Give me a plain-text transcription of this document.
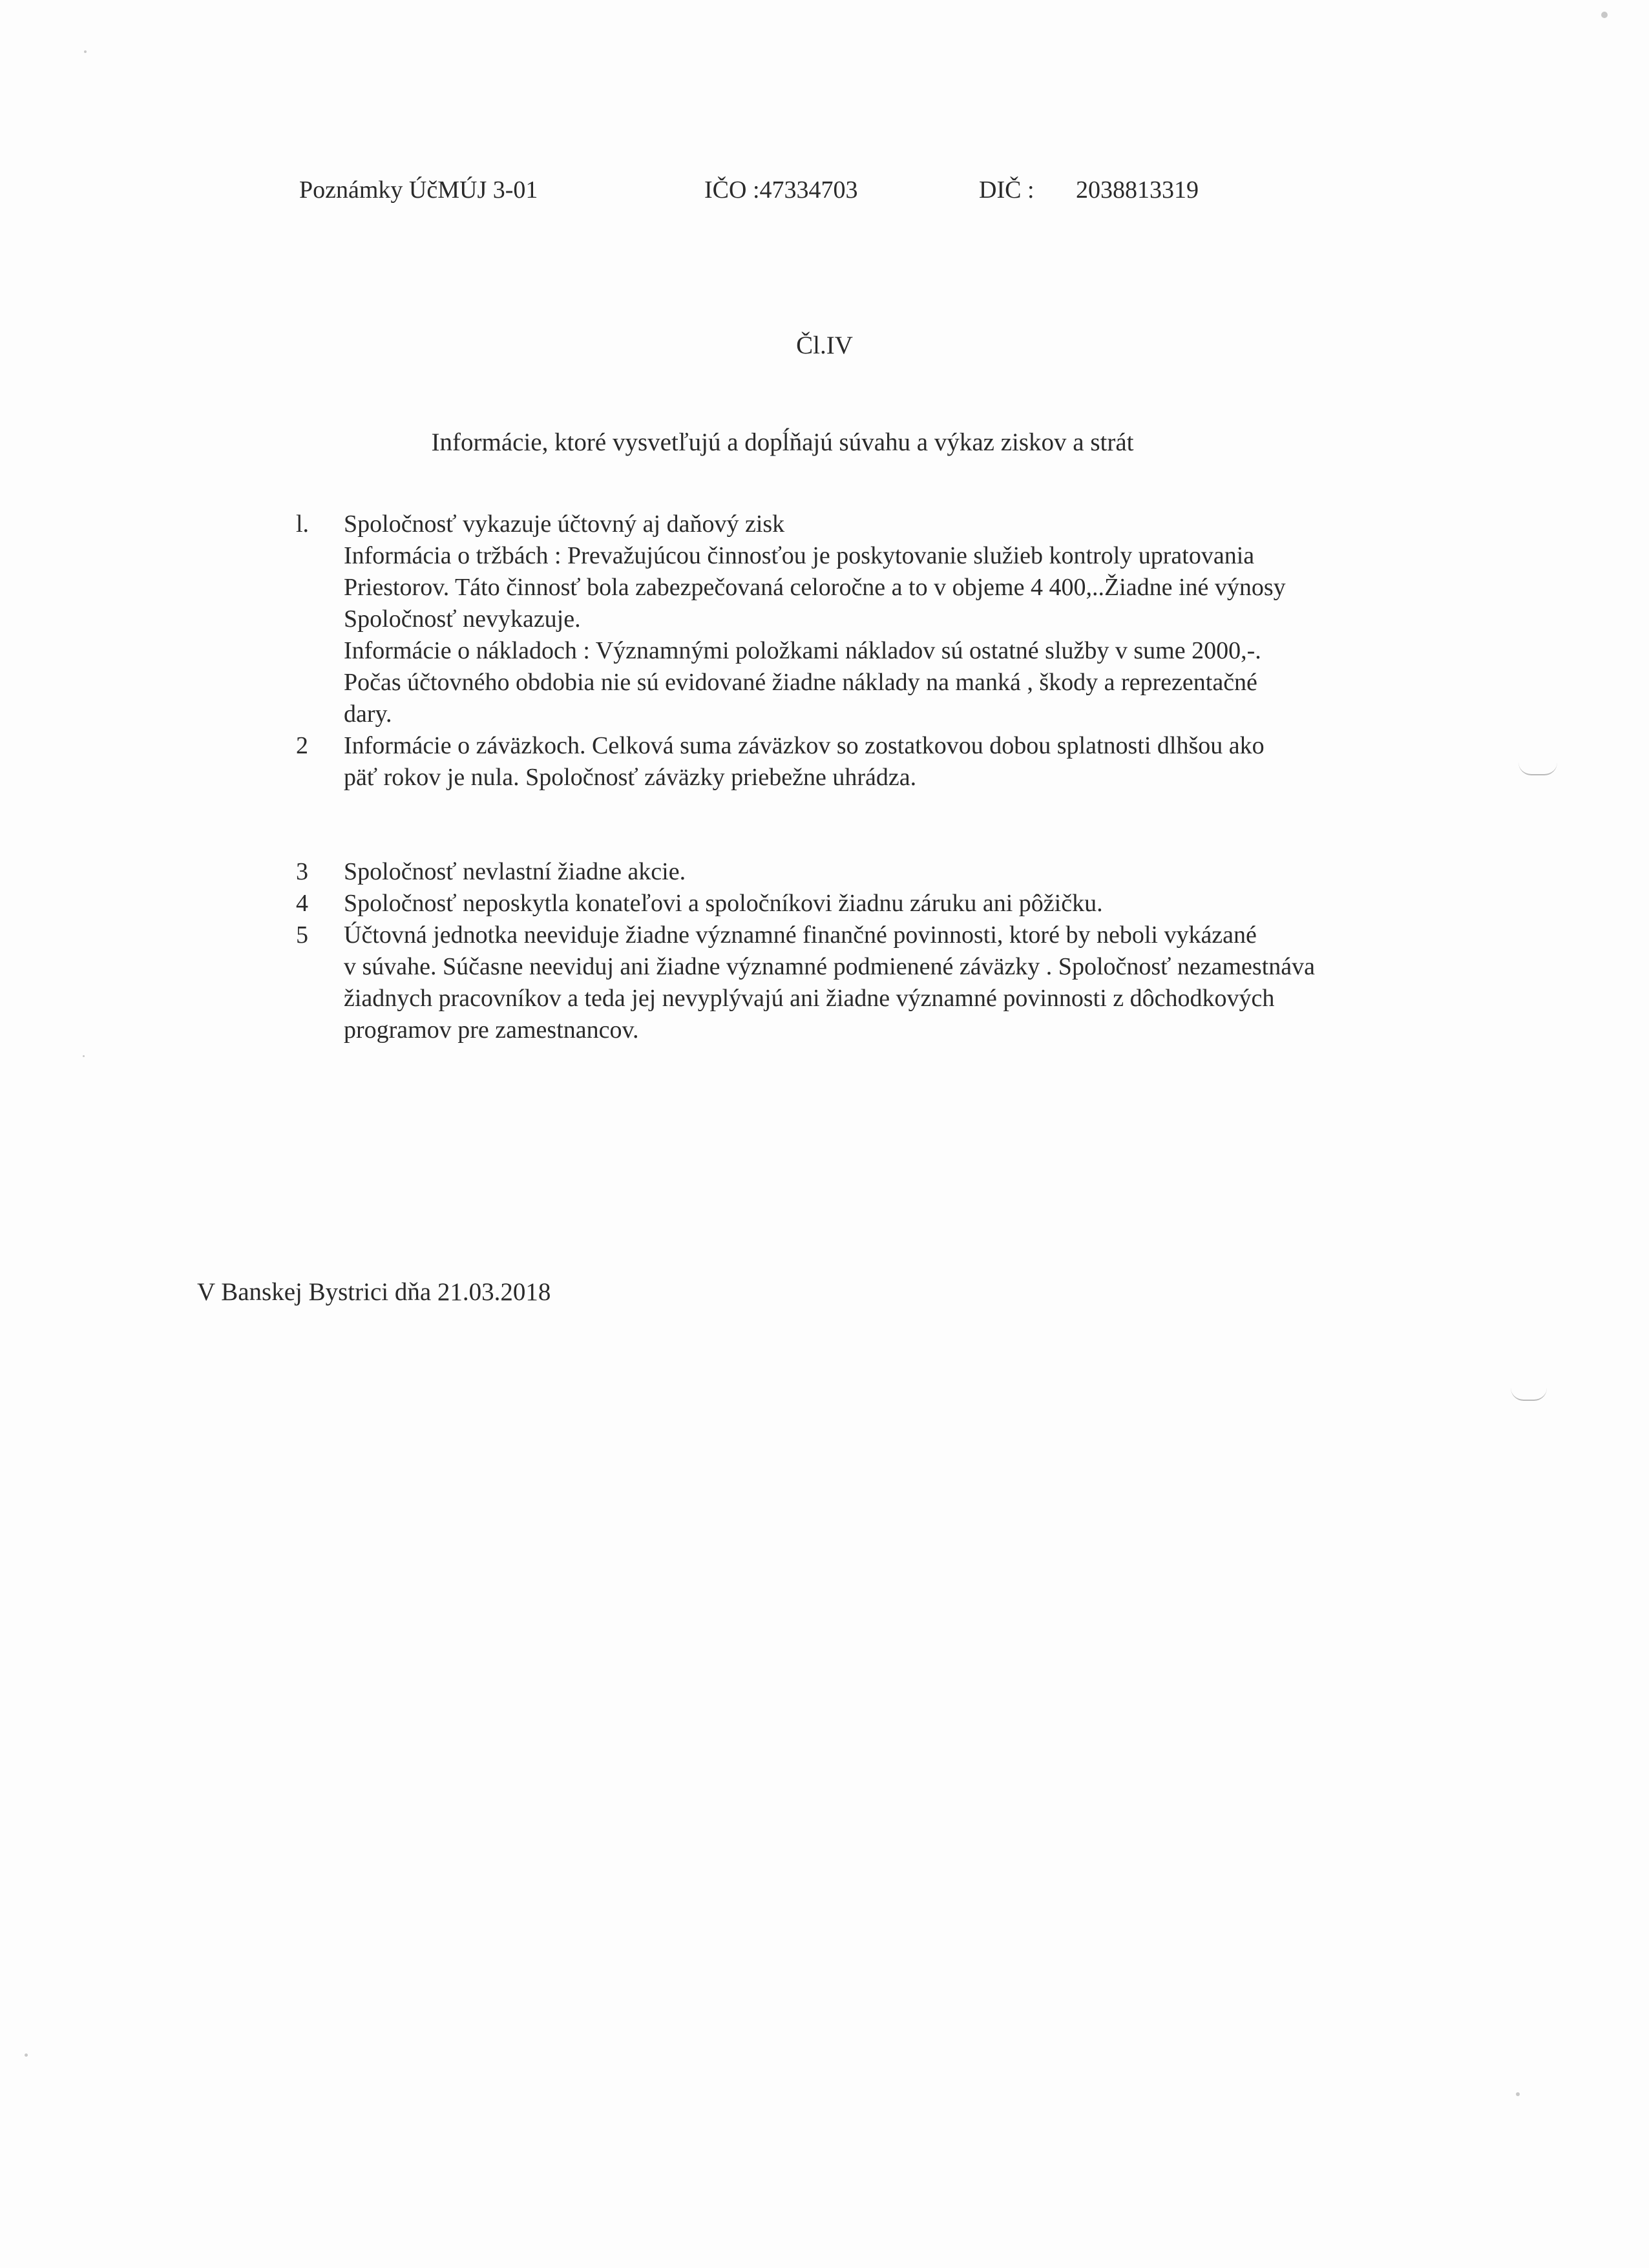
Poznámky ÚčMÚJ 3-01	IČO :47334703	DIČ : 2038813319
Čl.IV
Informácie, ktoré vysvetľujú a dopĺňajú súvahu a výkaz ziskov a strát
l.	Spoločnosť vykazuje účtovný aj daňový zisk
Informácia o tržbách : Prevažujúcou činnosťou je poskytovanie služieb kontroly upratovania
Priestorov. Táto činnosť bola zabezpečovaná celoročne a to v objeme 4 400,..Žiadne iné výnosy
Spoločnosť nevykazuje.
Informácie o nákladoch : Významnými položkami nákladov sú ostatné služby v sume 2000,-.
Počas účtovného obdobia nie sú evidované žiadne náklady na manká , škody a reprezentačné
dary.
2	Informácie o záväzkoch. Celková suma záväzkov so zostatkovou dobou splatnosti dlhšou ako
päť rokov je nula. Spoločnosť záväzky priebežne uhrádza.
3	Spoločnosť nevlastní žiadne akcie.
4	Spoločnosť neposkytla konateľovi a spoločníkovi žiadnu záruku ani pôžičku.
5	Účtovná jednotka neeviduje žiadne významné finančné povinnosti, ktoré by neboli vykázané
v súvahe. Súčasne neeviduj ani žiadne významné podmienené záväzky . Spoločnosť nezamestnáva
žiadnych pracovníkov a teda jej nevyplývajú ani žiadne významné povinnosti z dôchodkových
programov pre zamestnancov.
V Banskej Bystrici dňa 21.03.2018
